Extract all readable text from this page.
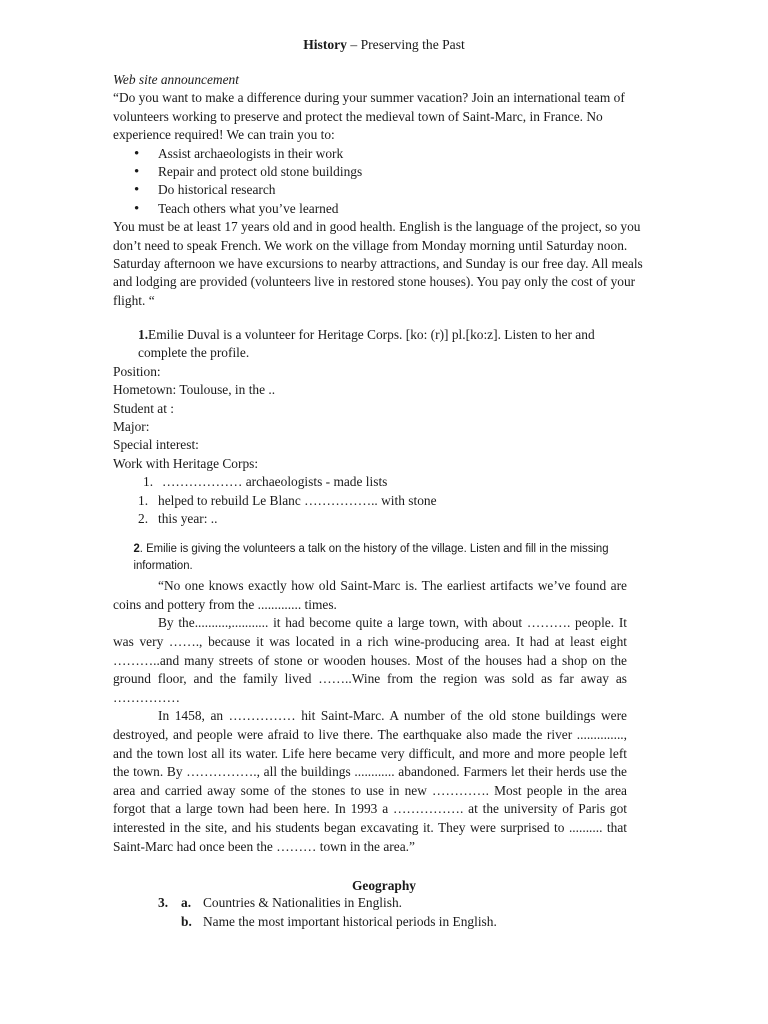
History – Preserving the Past
Web site announcement

“Do you want to make a difference during your summer vacation? Join an international team of volunteers working to preserve and protect the medieval town of Saint-Marc, in France. No experience required! We can train you to:

• Assist archaeologists in their work
• Repair and protect old stone buildings
• Do historical research
• Teach others what you’ve learned

You must be at least 17 years old and in good health. English is the language of the project, so you don’t need to speak French. We work on the village from Monday morning until Saturday noon. Saturday afternoon we have excursions to nearby attractions, and Sunday is our free day. All meals and lodging are provided (volunteers live in restored stone houses). You pay only the cost of your flight. “

1.Emilie Duval is a volunteer for Heritage Corps. [ko: (r)] pl.[ko:z]. Listen to her and complete the profile.

Position:
Hometown: Toulouse, in the ..
Student at :
Major:
Special interest:
Work with Heritage Corps:
1. ……………… archaeologists - made lists
1. helped to rebuild Le Blanc …………….. with stone
2. this year: ..
2. Emilie is giving the volunteers a talk on the history of the village. Listen and fill in the missing information.

“No one knows exactly how old Saint-Marc is. The earliest artifacts we’ve found are coins and pottery from the ............. times.

By the..........,........... it had become quite a large town, with about ………. people. It was very ……., because it was located in a rich wine-producing area. It had at least eight ………..and many streets of stone or wooden houses. Most of the houses had a shop on the ground floor, and the family lived ……..Wine from the region was sold as far away as ……………

In 1458, an …………… hit Saint-Marc. A number of the old stone buildings were destroyed, and people were afraid to live there. The earthquake also made the river .............., and the town lost all its water. Life here became very difficult, and more and more people left the town. By ……………., all the buildings ............ abandoned. Farmers let their herds use the area and carried away some of the stones to use in new …………. Most people in the area forgot that a large town had been here. In 1993 a ……………. at the university of Paris got interested in the site, and his students began excavating it. They were surprised to .......... that Saint-Marc had once been the ……… town in the area.”

Geography
3. a. Countries & Nationalities in English.
b. Name the most important historical periods in English.
